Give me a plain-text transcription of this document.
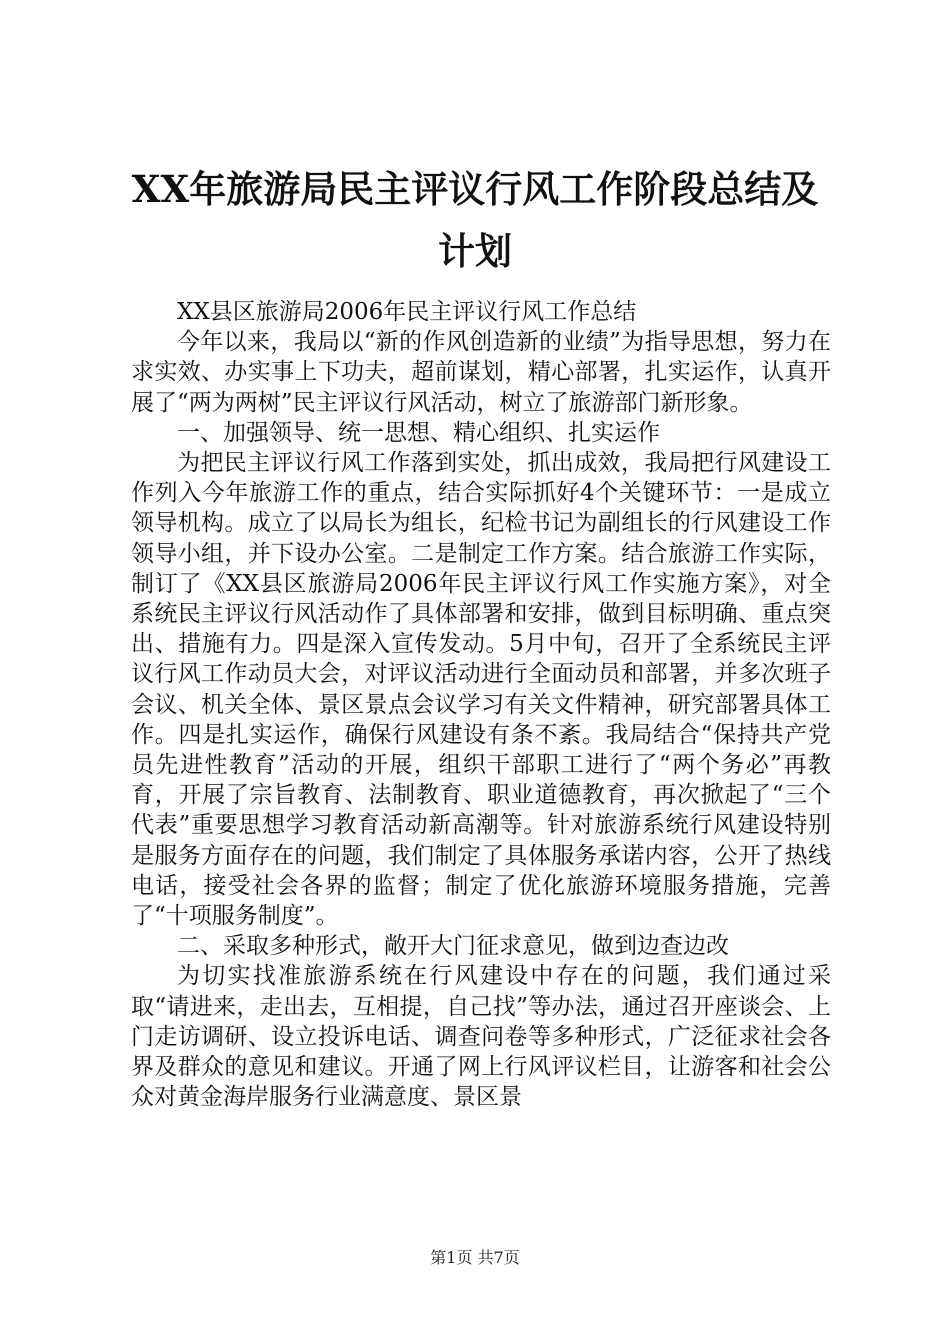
XX年旅游局民主评议行风工作阶段总结及计划

XX县区旅游局2006年民主评议行风工作总结

今年以来，我局以“新的作风创造新的业绩”为指导思想，努力在求实效、办实事上下功夫，超前谋划，精心部署，扎实运作，认真开展了“两为两树”民主评议行风活动，树立了旅游部门新形象。

一、加强领导、统一思想、精心组织、扎实运作

为把民主评议行风工作落到实处，抓出成效，我局把行风建设工作列入今年旅游工作的重点，结合实际抓好4个关键环节：一是成立领导机构。成立了以局长为组长，纪检书记为副组长的行风建设工作领导小组，并下设办公室。二是制定工作方案。结合旅游工作实际，制订了《XX县区旅游局2006年民主评议行风工作实施方案》，对全系统民主评议行风活动作了具体部署和安排，做到目标明确、重点突出、措施有力。四是深入宣传发动。5月中旬，召开了全系统民主评议行风工作动员大会，对评议活动进行全面动员和部署，并多次班子会议、机关全体、景区景点会议学习有关文件精神，研究部署具体工作。四是扎实运作，确保行风建设有条不紊。我局结合“保持共产党员先进性教育”活动的开展，组织干部职工进行了“两个务必”再教育，开展了宗旨教育、法制教育、职业道德教育，再次掀起了“三个代表”重要思想学习教育活动新高潮等。针对旅游系统行风建设特别是服务方面存在的问题，我们制定了具体服务承诺内容，公开了热线电话，接受社会各界的监督；制定了优化旅游环境服务措施，完善了“十项服务制度”。

二、采取多种形式，敞开大门征求意见，做到边查边改

为切实找准旅游系统在行风建设中存在的问题，我们通过采取“请进来，走出去，互相提，自己找”等办法，通过召开座谈会、上门走访调研、设立投诉电话、调查问卷等多种形式，广泛征求社会各界及群众的意见和建议。开通了网上行风评议栏目，让游客和社会公众对黄金海岸服务行业满意度、景区景

第1页 共7页
